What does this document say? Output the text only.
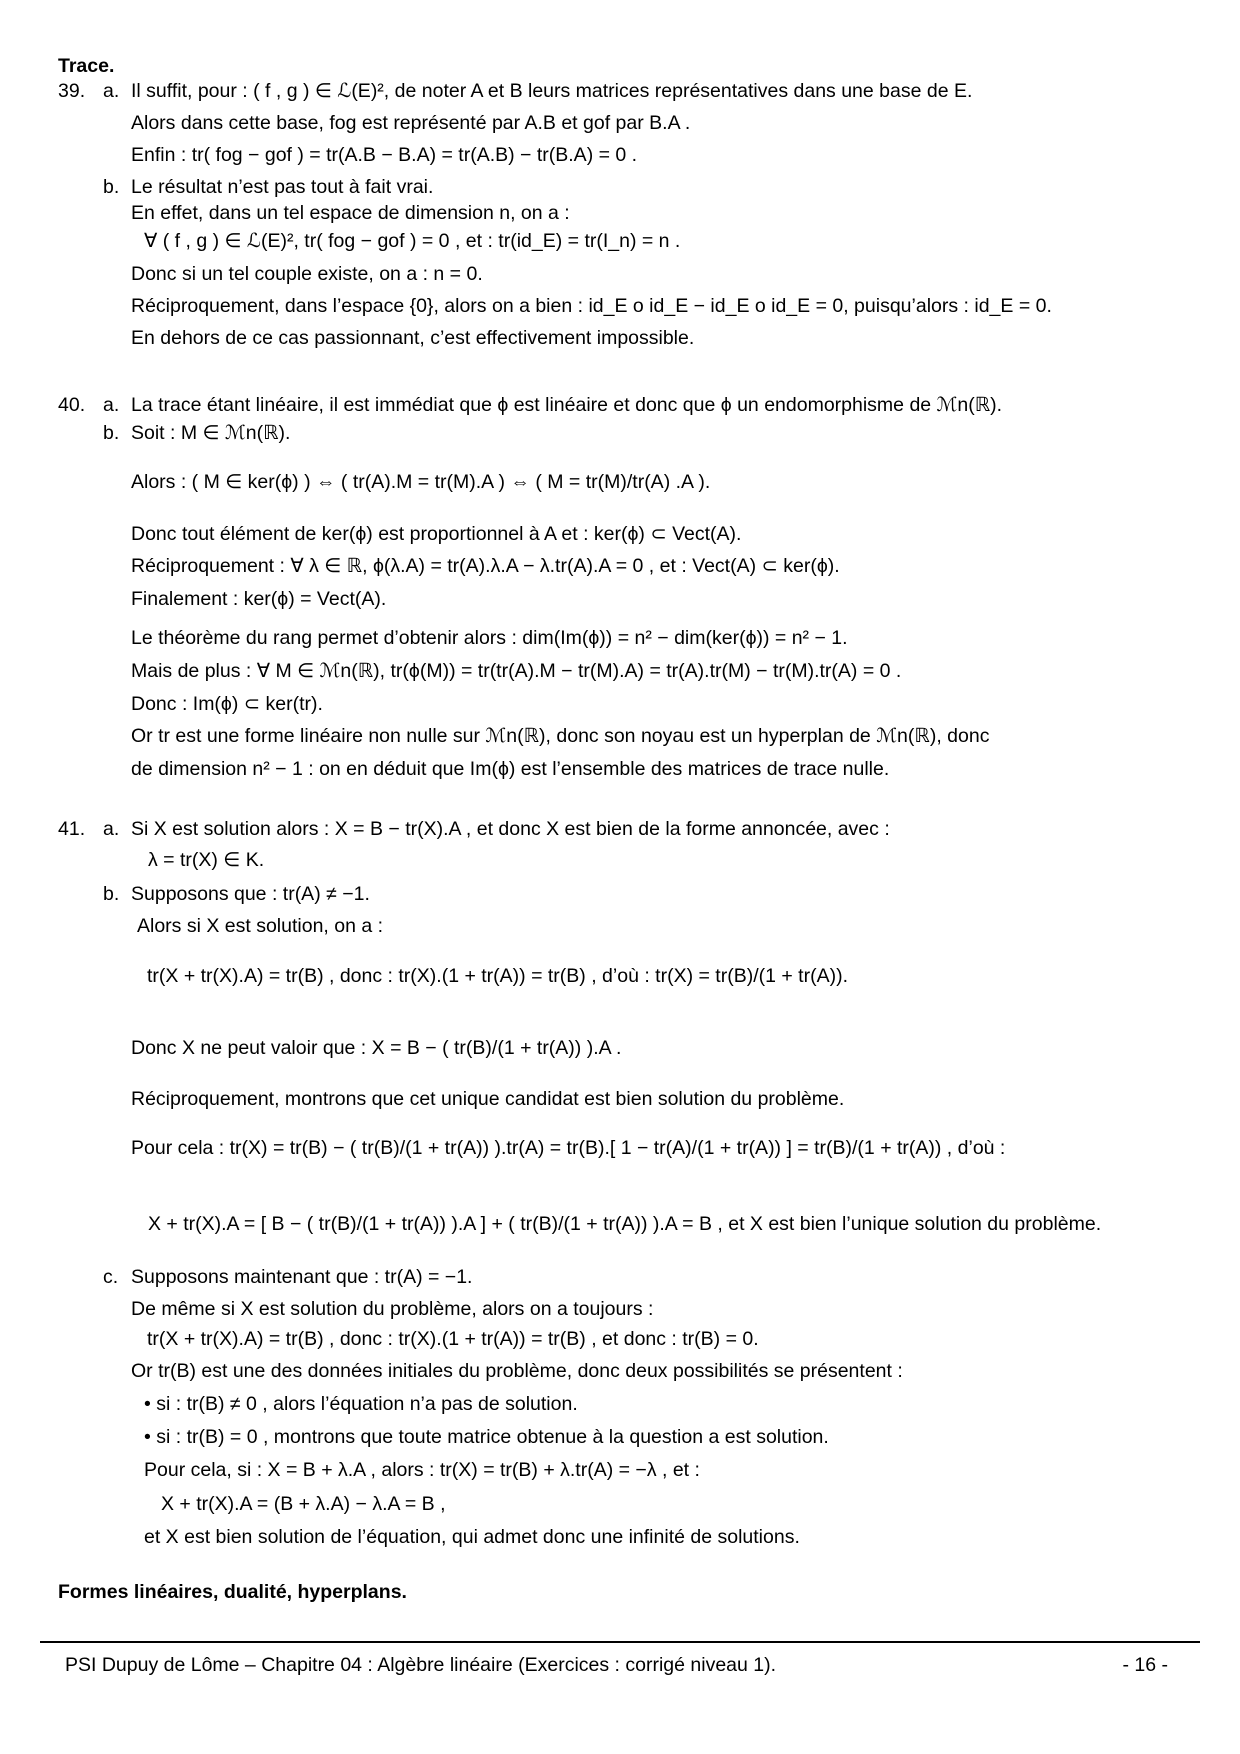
Trace.
39. a. Il suffit, pour : ( f , g ) ∈ ℒ(E)², de noter A et B leurs matrices représentatives dans une base de E.
Alors dans cette base, fog est représenté par A.B et gof par B.A .
Enfin : tr( fog − gof ) = tr(A.B − B.A) = tr(A.B) − tr(B.A) = 0 .
b. Le résultat n’est pas tout à fait vrai.
En effet, dans un tel espace de dimension n, on a :
∀ ( f , g ) ∈ ℒ(E)², tr( fog − gof ) = 0 , et : tr(id_E) = tr(I_n) = n .
Donc si un tel couple existe, on a : n = 0.
Réciproquement, dans l’espace {0}, alors on a bien : id_E o id_E − id_E o id_E = 0, puisqu’alors : id_E = 0.
En dehors de ce cas passionnant, c’est effectivement impossible.
40. a. La trace étant linéaire, il est immédiat que ϕ est linéaire et donc que ϕ un endomorphisme de ℳn(ℝ).
b. Soit : M ∈ ℳn(ℝ).
Alors : ( M ∈ ker(ϕ) ) ⇔ ( tr(A).M = tr(M).A ) ⇔ ( M = tr(M)/tr(A) .A ).
Donc tout élément de ker(ϕ) est proportionnel à A et : ker(ϕ) ⊂ Vect(A).
Réciproquement : ∀ λ ∈ ℝ, ϕ(λ.A) = tr(A).λ.A − λ.tr(A).A = 0 , et : Vect(A) ⊂ ker(ϕ).
Finalement : ker(ϕ) = Vect(A).
Le théorème du rang permet d’obtenir alors : dim(Im(ϕ)) = n² − dim(ker(ϕ)) = n² − 1.
Mais de plus : ∀ M ∈ ℳn(ℝ), tr(ϕ(M)) = tr(tr(A).M − tr(M).A) = tr(A).tr(M) − tr(M).tr(A) = 0 .
Donc : Im(ϕ) ⊂ ker(tr).
Or tr est une forme linéaire non nulle sur ℳn(ℝ), donc son noyau est un hyperplan de ℳn(ℝ), donc
de dimension n² − 1 : on en déduit que Im(ϕ) est l’ensemble des matrices de trace nulle.
41. a. Si X est solution alors : X = B − tr(X).A , et donc X est bien de la forme annoncée, avec :
λ = tr(X) ∈ K.
b. Supposons que : tr(A) ≠ −1.
Alors si X est solution, on a :
tr(X + tr(X).A) = tr(B) , donc : tr(X).(1 + tr(A)) = tr(B) , d’où : tr(X) = tr(B)/(1 + tr(A)).
Donc X ne peut valoir que : X = B − ( tr(B)/(1 + tr(A)) ).A .
Réciproquement, montrons que cet unique candidat est bien solution du problème.
Pour cela : tr(X) = tr(B) − ( tr(B)/(1 + tr(A)) ).tr(A) = tr(B).[ 1 − tr(A)/(1 + tr(A)) ] = tr(B)/(1 + tr(A)) , d’où :
X + tr(X).A = [ B − ( tr(B)/(1 + tr(A)) ).A ] + ( tr(B)/(1 + tr(A)) ).A = B , et X est bien l’unique solution du problème.
c. Supposons maintenant que : tr(A) = −1.
De même si X est solution du problème, alors on a toujours :
tr(X + tr(X).A) = tr(B) , donc : tr(X).(1 + tr(A)) = tr(B) , et donc : tr(B) = 0.
Or tr(B) est une des données initiales du problème, donc deux possibilités se présentent :
• si : tr(B) ≠ 0 , alors l’équation n’a pas de solution.
• si : tr(B) = 0 , montrons que toute matrice obtenue à la question a est solution.
Pour cela, si : X = B + λ.A , alors : tr(X) = tr(B) + λ.tr(A) = −λ , et :
X + tr(X).A = (B + λ.A) − λ.A = B ,
et X est bien solution de l’équation, qui admet donc une infinité de solutions.
Formes linéaires, dualité, hyperplans.
PSI Dupuy de Lôme – Chapitre 04 : Algèbre linéaire (Exercices : corrigé niveau 1).	- 16 -
